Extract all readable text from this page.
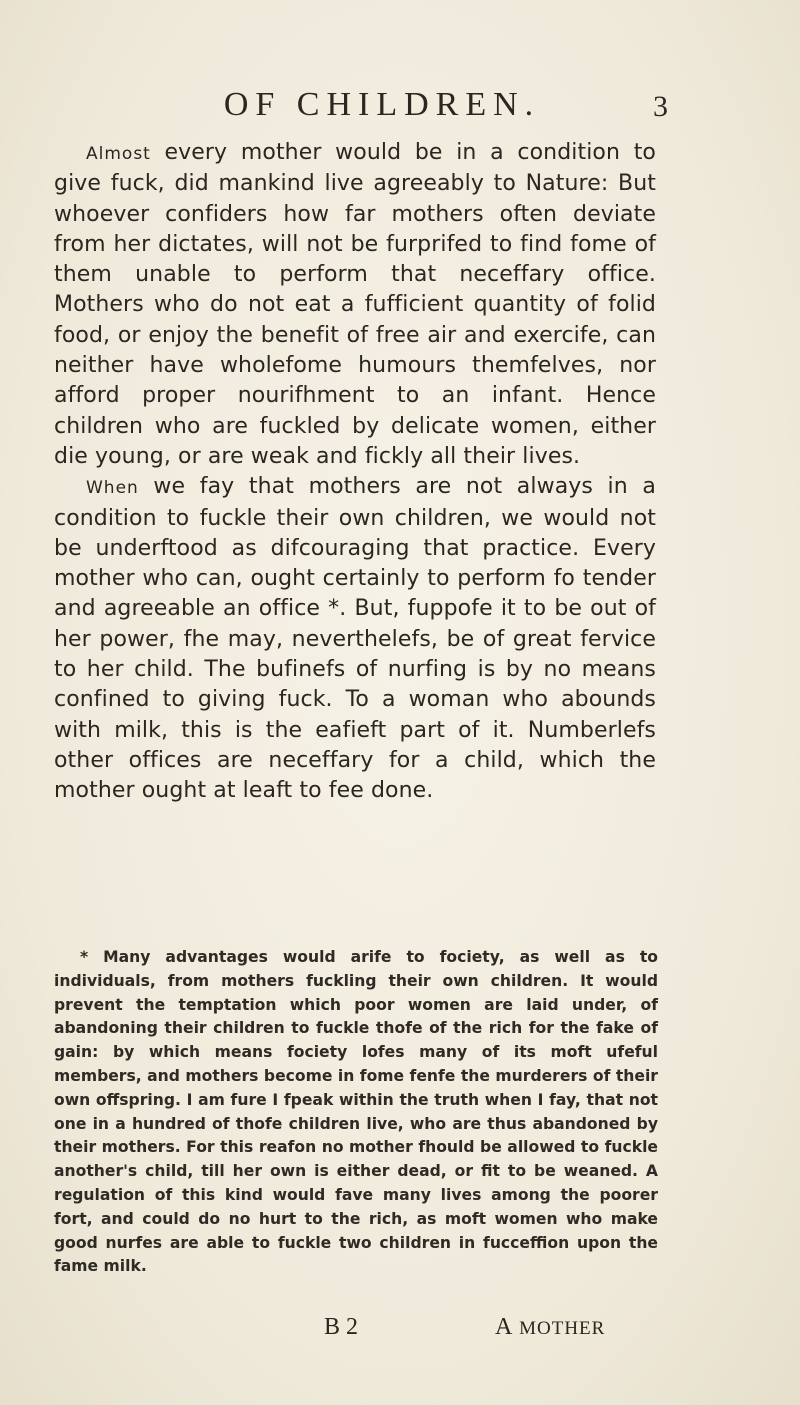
OF CHILDREN.	3

Almost every mother would be in a condition to give fuck, did mankind live agreeably to Nature: But whoever confiders how far mothers often deviate from her dictates, will not be furprifed to find fome of them unable to perform that neceffary office. Mothers who do not eat a fufficient quantity of folid food, or enjoy the benefit of free air and exercife, can neither have wholefome humours themfelves, nor afford proper nourifhment to an infant. Hence children who are fuckled by delicate women, either die young, or are weak and fickly all their lives.

When we fay that mothers are not always in a condition to fuckle their own children, we would not be underftood as difcouraging that practice. Every mother who can, ought certainly to perform fo tender and agreeable an office *. But, fuppofe it to be out of her power, fhe may, neverthelefs, be of great fervice to her child. The bufinefs of nurfing is by no means confined to giving fuck. To a woman who abounds with milk, this is the eafieft part of it. Numberlefs other offices are neceffary for a child, which the mother ought at leaft to fee done.

* Many advantages would arife to fociety, as well as to individuals, from mothers fuckling their own children. It would prevent the temptation which poor women are laid under, of abandoning their children to fuckle thofe of the rich for the fake of gain: by which means fociety lofes many of its moft ufeful members, and mothers become in fome fenfe the murderers of their own offspring. I am fure I fpeak within the truth when I fay, that not one in a hundred of thofe children live, who are thus abandoned by their mothers. For this reafon no mother fhould be allowed to fuckle another's child, till her own is either dead, or fit to be weaned. A regulation of this kind would fave many lives among the poorer fort, and could do no hurt to the rich, as moft women who make good nurfes are able to fuckle two children in fucceffion upon the fame milk.

B 2	A MOTHER
